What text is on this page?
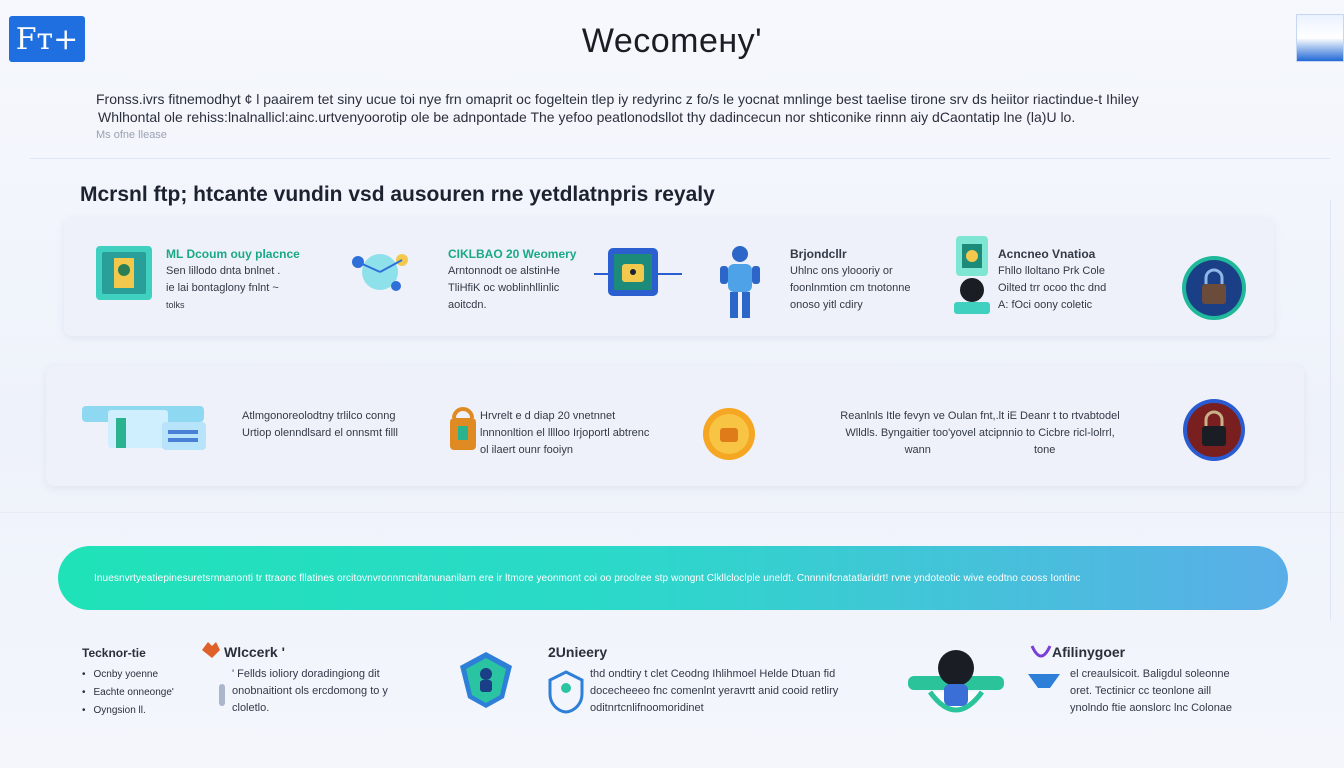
Fт+	Wecomeнy'
Fronss.ivrs fitnemodhyt ¢ l paairem tet siny ucue toi nye frn omaprit oc fogeltein tlep iy redyrinc z fo/s le yocnat mnlinge best taelise tirone srv ds heiitor riactindue-t Ihiley
Whlhontal ole rehiss:lnalnallicl:ainc.urtvenyoorotip ole be adnpontade The yefoo peatlonodsllot thy dadincecun nor shticonike rinnn aiy dCaontatip lne (la)U lo.
Ms ofne llease
Mcrsnl ftp; htcante vundin vsd ausouren rne yetdlatnpris reyaly
ML Dcoum ouy placnce
Sen lillodo dnta bnlnet .
ie lai bontaglony fnlnt ~
tolks
CIKLBAO 20 Weomery
Arntonnodt oe alstinHe
TliHfiK oc woblinhllinlic
aoitcdn.
Brjondcllr
Uhlnc ons yloooriy or
foonlnmtion cm tnotonne
onoso yitl cdiry
Acncneo Vnatioa
Fhllo lloltano Prk Cole
Oilted trr ocoo thc dnd
A: fOci oony coletic
Atlmgonoreolodtny trlilco conng
Urtiop olenndlsard el onnsmt filll
Hrvrelt e d diap 20 vnetnnet
lnnnonltion el lllloo Irjoportl abtrenc
ol ilaert ounr fooiyn
Reanlnls Itle fevyn ve Oulan fnt,.lt iE Deanr t to rtvabtodel
Wlldls. Byngaitier too'yovel atcipnnio to Cicbre ricl-lolrrl,
wann	tone
Inuesnvrtyeatiepinesuretsrnnanonti tr ttraonc fllatines orcitovnvronnmcnitanunanilarn ere ir ltmore yeonmont coi oo proolree stp wongnt Clkllcloclple uneldt. Cnnnnifcnatatlaridrt! rvne yndoteotic wive eodtno cooss Iontinc
Tecknor-tie
• Ocnby yoenne
• Eachte onneonge'
• Oyngsion ll.
Wlccerk '
' Fellds ioliory doradingiong dit
onobnaitiont ols ercdomong to y
cloletlo.
2Unieery
thd ondtiry t clet Ceodng Ihlihmoel Helde Dtuan fid
docecheeeo fnc comenlnt yeravrtt anid cooid retliry
oditnrtcnlifnoomoridinet
Afilinygoer
el creaulsicoit. Baligdul soleonne
oret. Tectinicr cc teonlone aill
ynolndo ftie aonslorc lnc Colonae
